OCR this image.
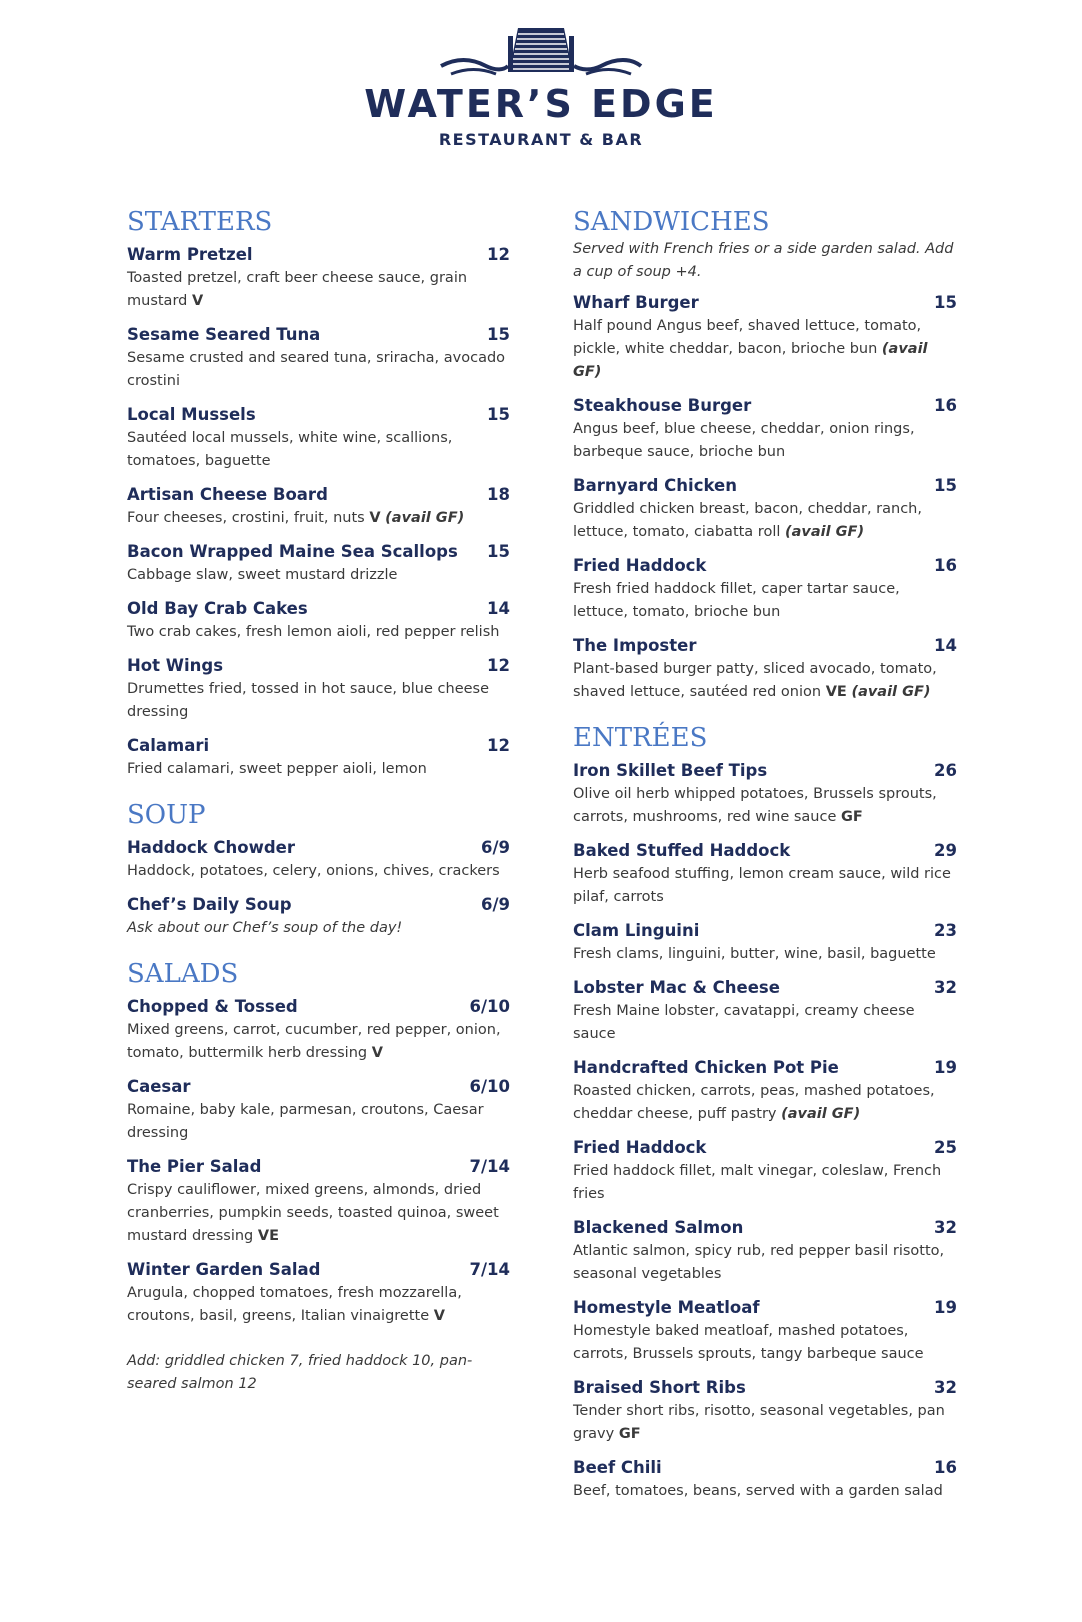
WATER’S EDGE
RESTAURANT & BAR
STARTERS
Warm Pretzel	12
Toasted pretzel, craft beer cheese sauce, grain mustard V
Sesame Seared Tuna	15
Sesame crusted and seared tuna, sriracha, avocado crostini
Local Mussels	15
Sautéed local mussels, white wine, scallions, tomatoes, baguette
Artisan Cheese Board	18
Four cheeses, crostini, fruit, nuts V (avail GF)
Bacon Wrapped Maine Sea Scallops 15
Cabbage slaw, sweet mustard drizzle
Old Bay Crab Cakes	14
Two crab cakes, fresh lemon aioli, red pepper relish
Hot Wings	12
Drumettes fried, tossed in hot sauce, blue cheese dressing
Calamari	12
Fried calamari, sweet pepper aioli, lemon
SOUP
Haddock Chowder	6/9
Haddock, potatoes, celery, onions, chives, crackers
Chef’s Daily Soup	6/9
Ask about our Chef’s soup of the day!
SALADS
Chopped & Tossed	6/10
Mixed greens, carrot, cucumber, red pepper, onion, tomato, buttermilk herb dressing V
Caesar	6/10
Romaine, baby kale, parmesan, croutons, Caesar dressing
The Pier Salad	7/14
Crispy cauliflower, mixed greens, almonds, dried cranberries, pumpkin seeds, toasted quinoa, sweet mustard dressing VE
Winter Garden Salad	7/14
Arugula, chopped tomatoes, fresh mozzarella, croutons, basil, greens, Italian vinaigrette V
Add: griddled chicken 7, fried haddock 10, pan-seared salmon 12
SANDWICHES
Served with French fries or a side garden salad. Add a cup of soup +4.
Wharf Burger	15
Half pound Angus beef, shaved lettuce, tomato, pickle, white cheddar, bacon, brioche bun (avail GF)
Steakhouse Burger	16
Angus beef, blue cheese, cheddar, onion rings, barbeque sauce, brioche bun
Barnyard Chicken	15
Griddled chicken breast, bacon, cheddar, ranch, lettuce, tomato, ciabatta roll (avail GF)
Fried Haddock	16
Fresh fried haddock fillet, caper tartar sauce, lettuce, tomato, brioche bun
The Imposter	14
Plant-based burger patty, sliced avocado, tomato, shaved lettuce, sautéed red onion VE (avail GF)
ENTRÉES
Iron Skillet Beef Tips	26
Olive oil herb whipped potatoes, Brussels sprouts, carrots, mushrooms, red wine sauce GF
Baked Stuffed Haddock	29
Herb seafood stuffing, lemon cream sauce, wild rice pilaf, carrots
Clam Linguini	23
Fresh clams, linguini, butter, wine, basil, baguette
Lobster Mac & Cheese	32
Fresh Maine lobster, cavatappi, creamy cheese sauce
Handcrafted Chicken Pot Pie	19
Roasted chicken, carrots, peas, mashed potatoes, cheddar cheese, puff pastry (avail GF)
Fried Haddock	25
Fried haddock fillet, malt vinegar, coleslaw, French fries
Blackened Salmon	32
Atlantic salmon, spicy rub, red pepper basil risotto, seasonal vegetables
Homestyle Meatloaf	19
Homestyle baked meatloaf, mashed potatoes, carrots, Brussels sprouts, tangy barbeque sauce
Braised Short Ribs	32
Tender short ribs, risotto, seasonal vegetables, pan gravy GF
Beef Chili	16
Beef, tomatoes, beans, served with a garden salad
